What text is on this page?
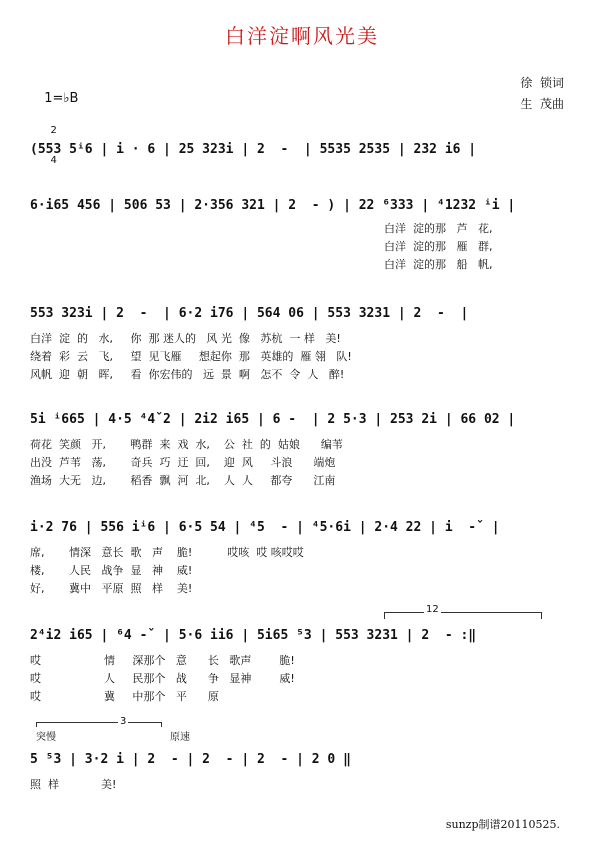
白洋淀啊风光美

1=♭B

2

4

徐  锁词
生  茂曲
(553 5ⁱ6 | i · 6 | 25 323i | 2  -  | 5535 2535 | 232 i6 |
6·i65 456 | 506 53 | 2·356 321 | 2  - ) | 22 ⁶333 | ⁴1232 ⁱi |
白洋  淀的那   芦   花,
白洋  淀的那   雁   群,
白洋  淀的那   船   帆,
553 323i | 2  -  | 6·2 i76 | 564 06 | 553 3231 | 2  -  |
白洋  淀  的   水,     你  那 迷人的   风 光  像   苏杭  一 样   美!
绕着  彩  云   飞,     望  见飞雁     想起你  那   英雄的  雁 翎   队!
风帆  迎  朝   晖,     看  你宏伟的   远  景  啊   怎不  令  人   醉!
5i ⁱ665 | 4·5 ⁴4ˇ2 | 2i2 i65 | 6 -  | 2 5·3 | 253 2i | 66 02 |
荷花  笑颜   开,       鸭群  来  戏  水,    公  社  的  姑娘      编苇
出没  芦苇   荡,       奇兵  巧  迂  回,    迎  风     斗浪      端炮
渔场  大无   边,       稻香  飘  河  北,    人  人     都夸      江南
i·2 76 | 556 iⁱ6 | 6·5 54 | ⁴5  - | ⁴5·6i | 2·4 22 | i  -ˇ |
席,       情深   意长  歌   声    脆!          哎咳  哎 咳哎哎
楼,       人民   战争  显   神    威!
好,       冀中   平原  照   样    美!
12
2⁴i2 i65 | ⁶4 -ˇ | 5·6 ii6 | 5i65 ⁵3 | 553 3231 | 2  - :‖
哎                  情     深那个   意      长   歌声        脆!
哎                  人     民那个   战      争   显神        威!
哎                  冀     中那个   平      原
3
突慢	原速
5 ⁵3 | 3·2 i | 2  - | 2  - | 2  - | 2 0 ‖
照  样            美!
sunzp制谱20110525.
